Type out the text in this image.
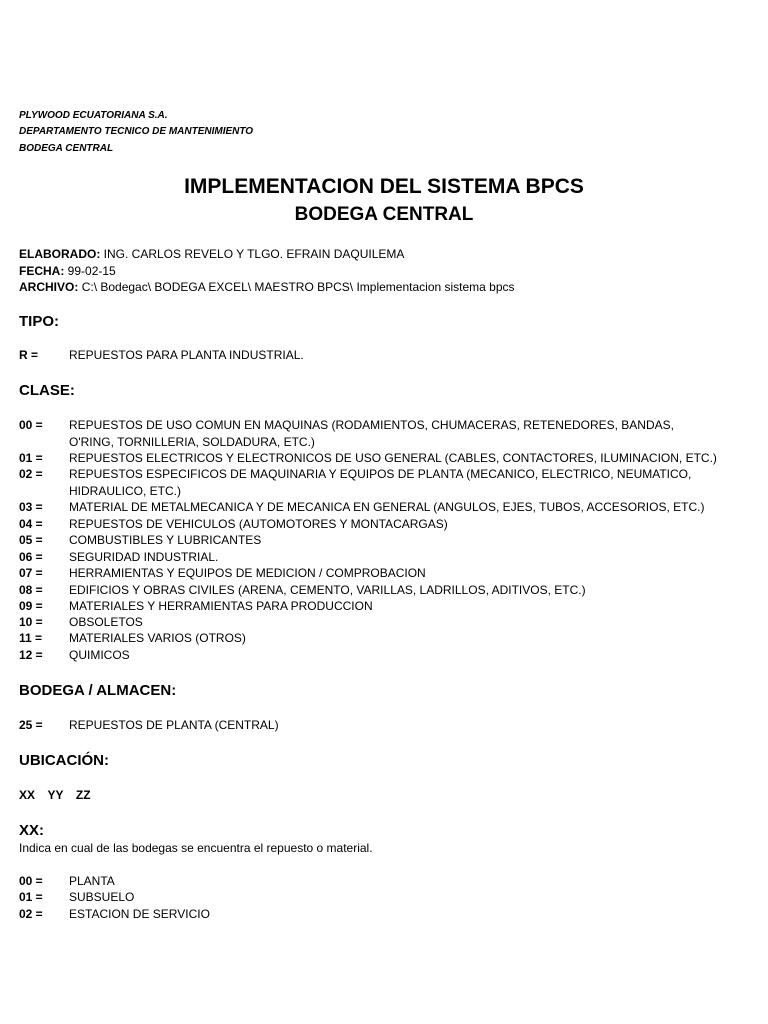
PLYWOOD ECUATORIANA S.A.
DEPARTAMENTO TECNICO DE MANTENIMIENTO
BODEGA CENTRAL
IMPLEMENTACION DEL SISTEMA BPCS
BODEGA CENTRAL
ELABORADO: ING. CARLOS REVELO Y TLGO. EFRAIN DAQUILEMA
FECHA: 99-02-15
ARCHIVO: C:\ Bodegac\ BODEGA EXCEL\ MAESTRO BPCS\ Implementacion sistema bpcs
TIPO:
R =	REPUESTOS PARA PLANTA INDUSTRIAL.
CLASE:
00 = REPUESTOS DE USO COMUN EN MAQUINAS (RODAMIENTOS, CHUMACERAS, RETENEDORES, BANDAS, O'RING, TORNILLERIA, SOLDADURA, ETC.)
01 = REPUESTOS ELECTRICOS Y ELECTRONICOS DE USO GENERAL (CABLES, CONTACTORES, ILUMINACION, ETC.)
02 = REPUESTOS ESPECIFICOS DE MAQUINARIA Y EQUIPOS DE PLANTA (MECANICO, ELECTRICO, NEUMATICO, HIDRAULICO, ETC.)
03 = MATERIAL DE METALMECANICA Y DE MECANICA EN GENERAL (ANGULOS, EJES, TUBOS, ACCESORIOS, ETC.)
04 = REPUESTOS DE VEHICULOS (AUTOMOTORES Y MONTACARGAS)
05 = COMBUSTIBLES Y LUBRICANTES
06 = SEGURIDAD INDUSTRIAL.
07 = HERRAMIENTAS Y EQUIPOS DE MEDICION / COMPROBACION
08 = EDIFICIOS Y OBRAS CIVILES (ARENA, CEMENTO, VARILLAS, LADRILLOS, ADITIVOS, ETC.)
09 = MATERIALES Y HERRAMIENTAS PARA PRODUCCION
10 = OBSOLETOS
11 = MATERIALES VARIOS (OTROS)
12 = QUIMICOS
BODEGA / ALMACEN:
25 = REPUESTOS DE PLANTA (CENTRAL)
UBICACIÓN:
XX  YY  ZZ
XX:
Indica en cual de las bodegas se encuentra el repuesto o material.
00 = PLANTA
01 = SUBSUELO
02 = ESTACION DE SERVICIO
